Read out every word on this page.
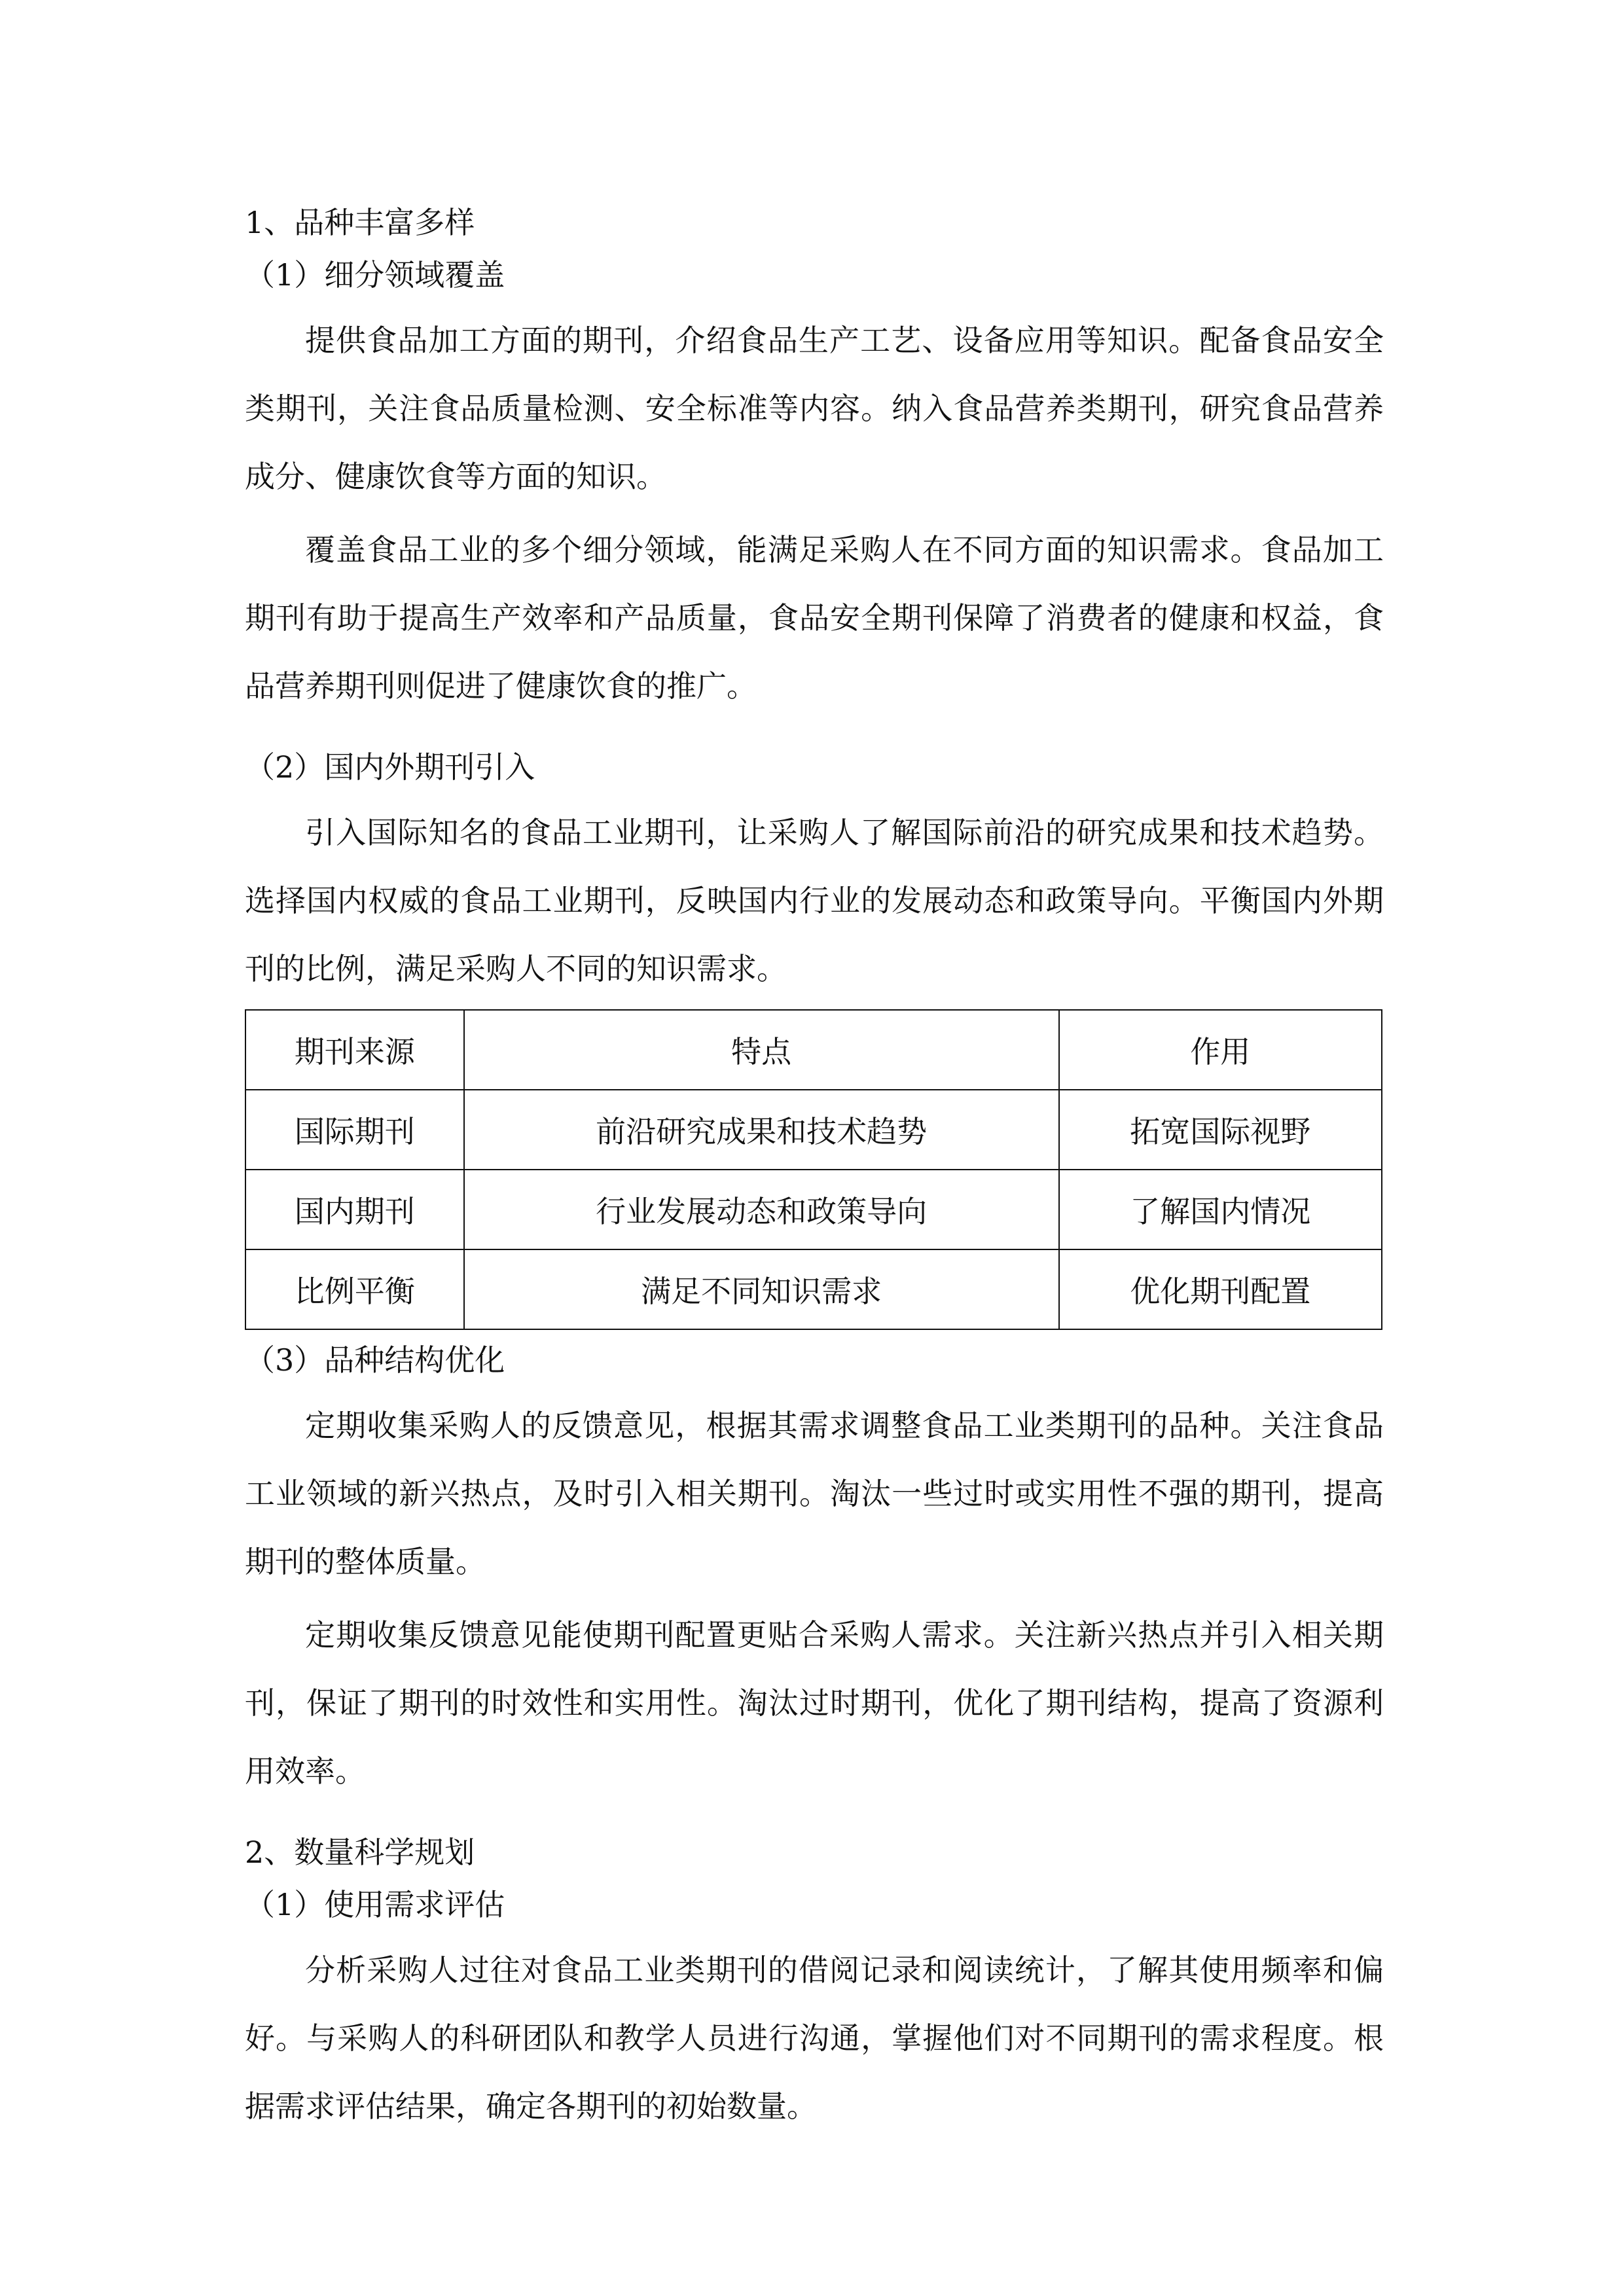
1、品种丰富多样
（1）细分领域覆盖

提供食品加工方面的期刊，介绍食品生产工艺、设备应用等知识。配备食品安全类期刊，关注食品质量检测、安全标准等内容。纳入食品营养类期刊，研究食品营养成分、健康饮食等方面的知识。

覆盖食品工业的多个细分领域，能满足采购人在不同方面的知识需求。食品加工期刊有助于提高生产效率和产品质量，食品安全期刊保障了消费者的健康和权益，食品营养期刊则促进了健康饮食的推广。

（2）国内外期刊引入

引入国际知名的食品工业期刊，让采购人了解国际前沿的研究成果和技术趋势。选择国内权威的食品工业期刊，反映国内行业的发展动态和政策导向。平衡国内外期刊的比例，满足采购人不同的知识需求。

期刊来源	特点	作用
国际期刊	前沿研究成果和技术趋势	拓宽国际视野
国内期刊	行业发展动态和政策导向	了解国内情况
比例平衡	满足不同知识需求	优化期刊配置
（3）品种结构优化

定期收集采购人的反馈意见，根据其需求调整食品工业类期刊的品种。关注食品工业领域的新兴热点，及时引入相关期刊。淘汰一些过时或实用性不强的期刊，提高期刊的整体质量。

定期收集反馈意见能使期刊配置更贴合采购人需求。关注新兴热点并引入相关期刊，保证了期刊的时效性和实用性。淘汰过时期刊，优化了期刊结构，提高了资源利用效率。

2、数量科学规划
（1）使用需求评估

分析采购人过往对食品工业类期刊的借阅记录和阅读统计，了解其使用频率和偏好。与采购人的科研团队和教学人员进行沟通，掌握他们对不同期刊的需求程度。根据需求评估结果，确定各期刊的初始数量。
